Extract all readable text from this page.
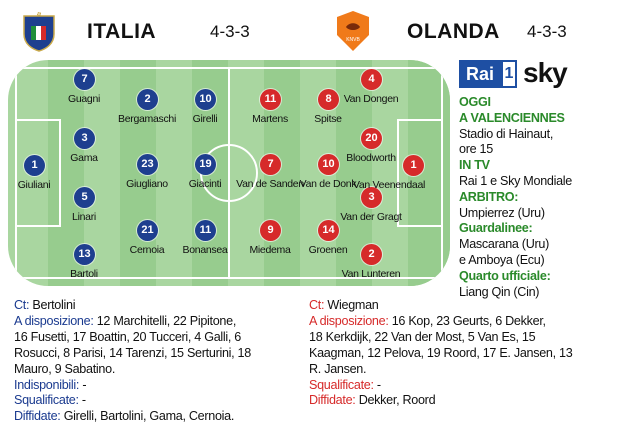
ITALIA
ITALIA	4-3-3	KNVB OLANDA 4-3-3
1
Giuliani
7
Guagni
3
Gama
5
Linari
13
Bartoli
2
Bergamaschi
23
Giugliano
21
Cernoia
10
Girelli
19
Giacinti
11
Bonansea
11
Martens
7
Van de Sanden
9
Miedema
8
Spitse
10
Van de Donk
14
Groenen
4
Van Dongen
20
Bloodworth
3
Van der Gragt
2
Van Lunteren
1
Van Veenendaal
Rai 1 sky
OGGI
A VALENCIENNES
Stadio di Hainaut,
ore 15
IN TV
Rai 1 e Sky Mondiale
ARBITRO:
Umpierrez (Uru)
Guardalinee:
Mascarana (Uru)
e Amboya (Ecu)
Quarto ufficiale:
Liang Qin (Cin)
Ct: Bertolini
A disposizione: 12 Marchitelli, 22 Pipitone,
16 Fusetti, 17 Boattin, 20 Tucceri, 4 Galli, 6
Rosucci, 8 Parisi, 14 Tarenzi, 15 Serturini, 18
Mauro, 9 Sabatino.
Indisponibili: -
Squalificate: -
Diffidate: Girelli, Bartolini, Gama, Cernoia.
Ct: Wiegman
A disposizione: 16 Kop, 23 Geurts, 6 Dekker,
18 Kerkdijk, 22 Van der Most, 5 Van Es, 15
Kaagman, 12 Pelova, 19 Roord, 17 E. Jansen, 13
R. Jansen.
Squalificate: -
Diffidate: Dekker, Roord
